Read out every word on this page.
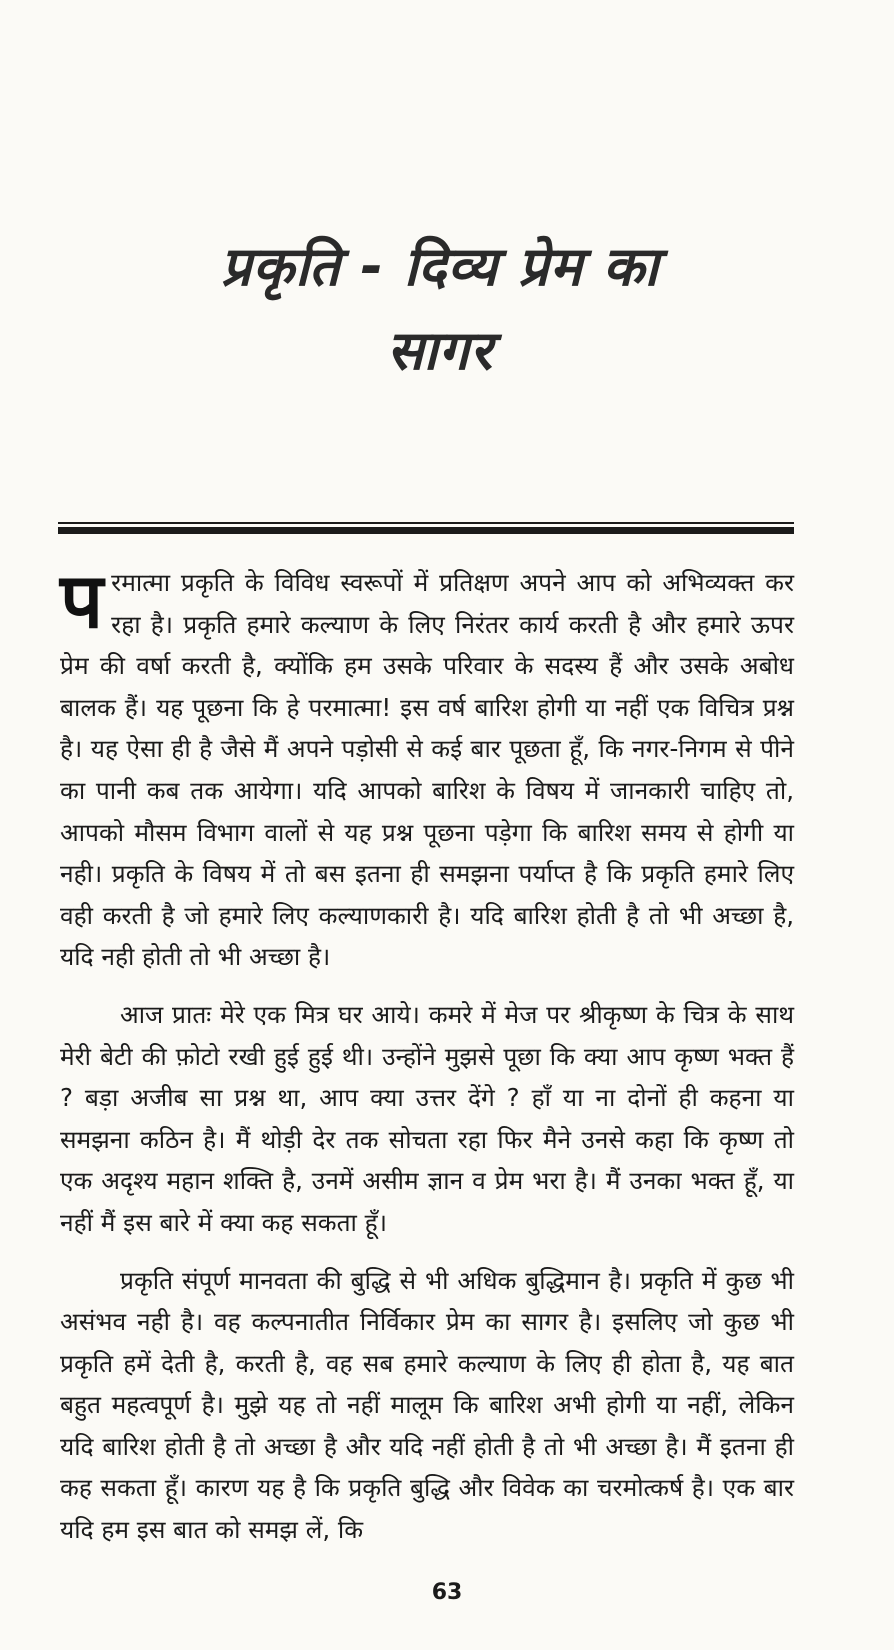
प्रकृति - दिव्य प्रेम का
सागर

परमात्मा प्रकृति के विविध स्वरूपों में प्रतिक्षण अपने आप को अभिव्यक्त कर रहा है। प्रकृति हमारे कल्याण के लिए निरंतर कार्य करती है और हमारे ऊपर प्रेम की वर्षा करती है, क्योंकि हम उसके परिवार के सदस्य हैं और उसके अबोध बालक हैं। यह पूछना कि हे परमात्मा! इस वर्ष बारिश होगी या नहीं एक विचित्र प्रश्न है। यह ऐसा ही है जैसे मैं अपने पड़ोसी से कई बार पूछता हूँ, कि नगर-निगम से पीने का पानी कब तक आयेगा। यदि आपको बारिश के विषय में जानकारी चाहिए तो, आपको मौसम विभाग वालों से यह प्रश्न पूछना पड़ेगा कि बारिश समय से होगी या नही। प्रकृति के विषय में तो बस इतना ही समझना पर्याप्त है कि प्रकृति हमारे लिए वही करती है जो हमारे लिए कल्याणकारी है। यदि बारिश होती है तो भी अच्छा है, यदि नही होती तो भी अच्छा है।

आज प्रातः मेरे एक मित्र घर आये। कमरे में मेज पर श्रीकृष्ण के चित्र के साथ मेरी बेटी की फ़ोटो रखी हुई हुई थी। उन्होंने मुझसे पूछा कि क्या आप कृष्ण भक्त हैं ? बड़ा अजीब सा प्रश्न था, आप क्या उत्तर देंगे ? हाँ या ना दोनों ही कहना या समझना कठिन है। मैं थोड़ी देर तक सोचता रहा फिर मैने उनसे कहा कि कृष्ण तो एक अदृश्य महान शक्ति है, उनमें असीम ज्ञान व प्रेम भरा है। मैं उनका भक्त हूँ, या नहीं मैं इस बारे में क्या कह सकता हूँ।

प्रकृति संपूर्ण मानवता की बुद्धि से भी अधिक बुद्धिमान है। प्रकृति में कुछ भी असंभव नही है। वह कल्पनातीत निर्विकार प्रेम का सागर है। इसलिए जो कुछ भी प्रकृति हमें देती है, करती है, वह सब हमारे कल्याण के लिए ही होता है, यह बात बहुत महत्वपूर्ण है। मुझे यह तो नहीं मालूम कि बारिश अभी होगी या नहीं, लेकिन यदि बारिश होती है तो अच्छा है और यदि नहीं होती है तो भी अच्छा है। मैं इतना ही कह सकता हूँ। कारण यह है कि प्रकृति बुद्धि और विवेक का चरमोत्कर्ष है। एक बार यदि हम इस बात को समझ लें, कि

63
